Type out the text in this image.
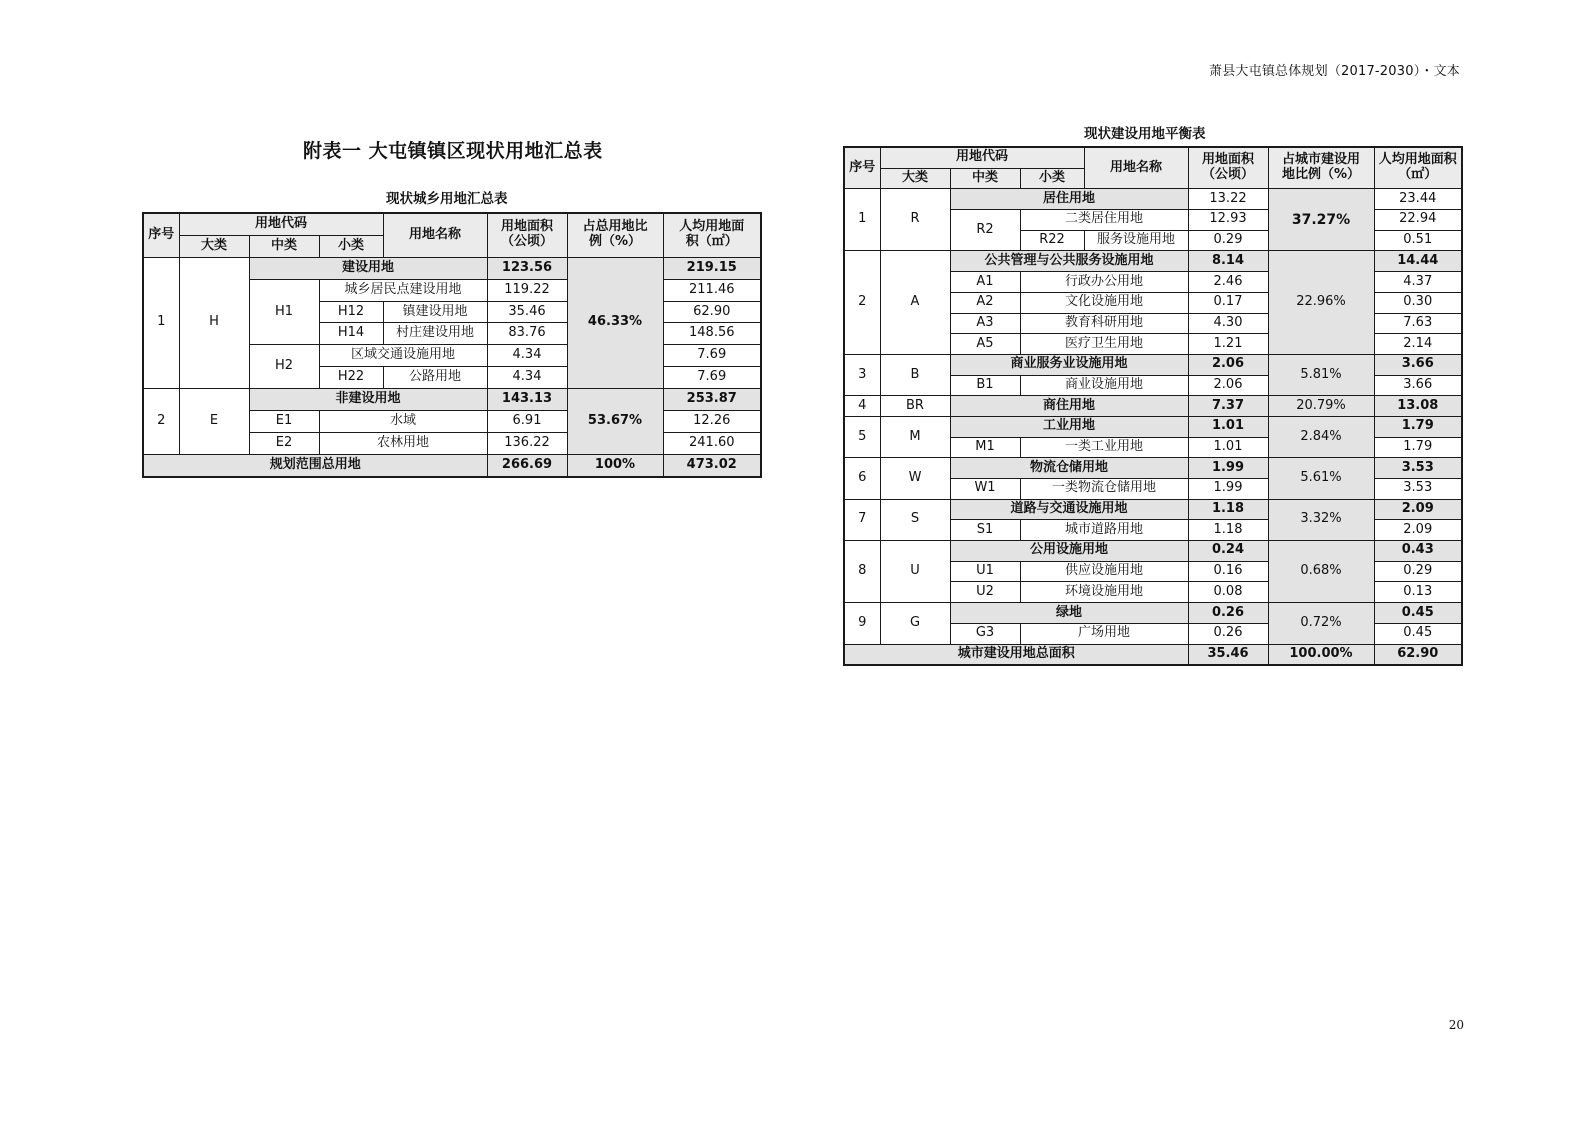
萧县大屯镇总体规划（2017-2030）・文本
附表一 大屯镇镇区现状用地汇总表
现状城乡用地汇总表
现状建设用地平衡表
20
序号	用地代码			用地名称	用地面积（公顷）	占总用地比例（%）	人均用地面积（㎡）
	大类	中类	小类				
1	H	建设用地			123.56	46.33%	219.15
		H1	城乡居民点建设用地		119.22		211.46
			H12	镇建设用地	35.46		62.90
			H14	村庄建设用地	83.76		148.56
		H2	区域交通设施用地		4.34		7.69
			H22	公路用地	4.34		7.69
2	E	非建设用地			143.13	53.67%	253.87
		E1	水域		6.91		12.26
		E2	农林用地		136.22		241.60
规划范围总用地					266.69	100%	473.02
序号	用地代码			用地名称	用地面积（公顷）	占城市建设用地比例（%）	人均用地面积（㎡）
	大类	中类	小类				
1	R	居住用地			13.22	37.27%	23.44
		R2	二类居住用地		12.93		22.94
			R22	服务设施用地	0.29		0.51
2	A	公共管理与公共服务设施用地			8.14	22.96%	14.44
		A1	行政办公用地		2.46		4.37
		A2	文化设施用地		0.17		0.30
		A3	教育科研用地		4.30		7.63
		A5	医疗卫生用地		1.21		2.14
3	B	商业服务业设施用地			2.06	5.81%	3.66
		B1	商业设施用地		2.06		3.66
4	BR	商住用地			7.37	20.79%	13.08
5	M	工业用地			1.01	2.84%	1.79
		M1	一类工业用地		1.01		1.79
6	W	物流仓储用地			1.99	5.61%	3.53
		W1	一类物流仓储用地		1.99		3.53
7	S	道路与交通设施用地			1.18	3.32%	2.09
		S1	城市道路用地		1.18		2.09
8	U	公用设施用地			0.24	0.68%	0.43
		U1	供应设施用地		0.16		0.29
		U2	环境设施用地		0.08		0.13
9	G	绿地			0.26	0.72%	0.45
		G3	广场用地		0.26		0.45
城市建设用地总面积					35.46	100.00%	62.90
